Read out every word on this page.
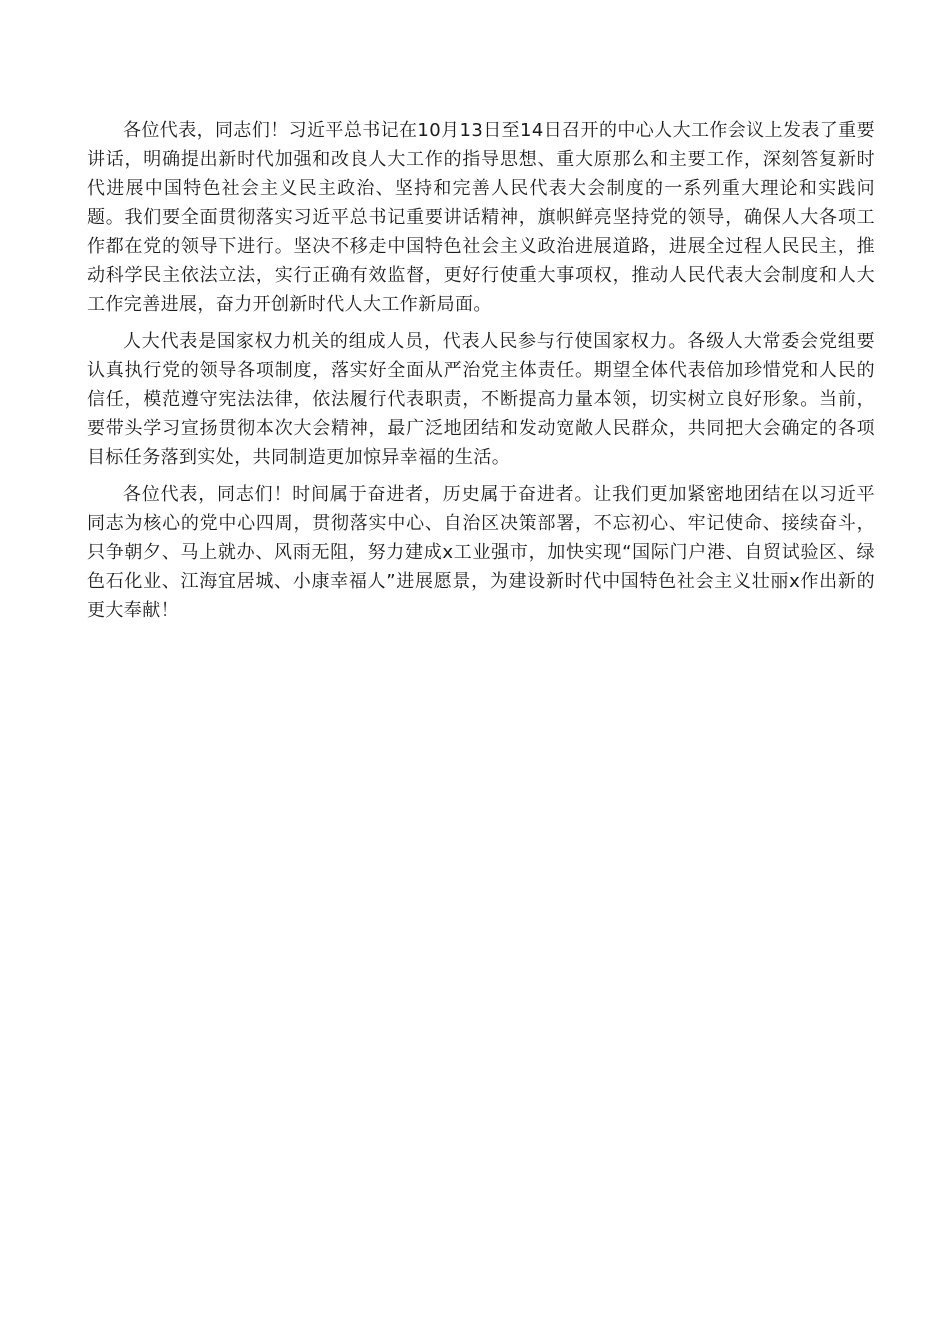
各位代表，同志们！习近平总书记在10月13日至14日召开的中心人大工作会议上发表了重要讲话，明确提出新时代加强和改良人大工作的指导思想、重大原那么和主要工作，深刻答复新时代进展中国特色社会主义民主政治、坚持和完善人民代表大会制度的一系列重大理论和实践问题。我们要全面贯彻落实习近平总书记重要讲话精神，旗帜鲜亮坚持党的领导，确保人大各项工作都在党的领导下进行。坚决不移走中国特色社会主义政治进展道路，进展全过程人民民主，推动科学民主依法立法，实行正确有效监督，更好行使重大事项权，推动人民代表大会制度和人大工作完善进展，奋力开创新时代人大工作新局面。

人大代表是国家权力机关的组成人员，代表人民参与行使国家权力。各级人大常委会党组要认真执行党的领导各项制度，落实好全面从严治党主体责任。期望全体代表倍加珍惜党和人民的信任，模范遵守宪法法律，依法履行代表职责，不断提高力量本领，切实树立良好形象。当前，要带头学习宣扬贯彻本次大会精神，最广泛地团结和发动宽敞人民群众，共同把大会确定的各项目标任务落到实处，共同制造更加惊异幸福的生活。

各位代表，同志们！时间属于奋进者，历史属于奋进者。让我们更加紧密地团结在以习近平同志为核心的党中心四周，贯彻落实中心、自治区决策部署，不忘初心、牢记使命、接续奋斗，只争朝夕、马上就办、风雨无阻，努力建成x工业强市，加快实现“国际门户港、自贸试验区、绿色石化业、江海宜居城、小康幸福人”进展愿景，为建设新时代中国特色社会主义壮丽x作出新的更大奉献！
